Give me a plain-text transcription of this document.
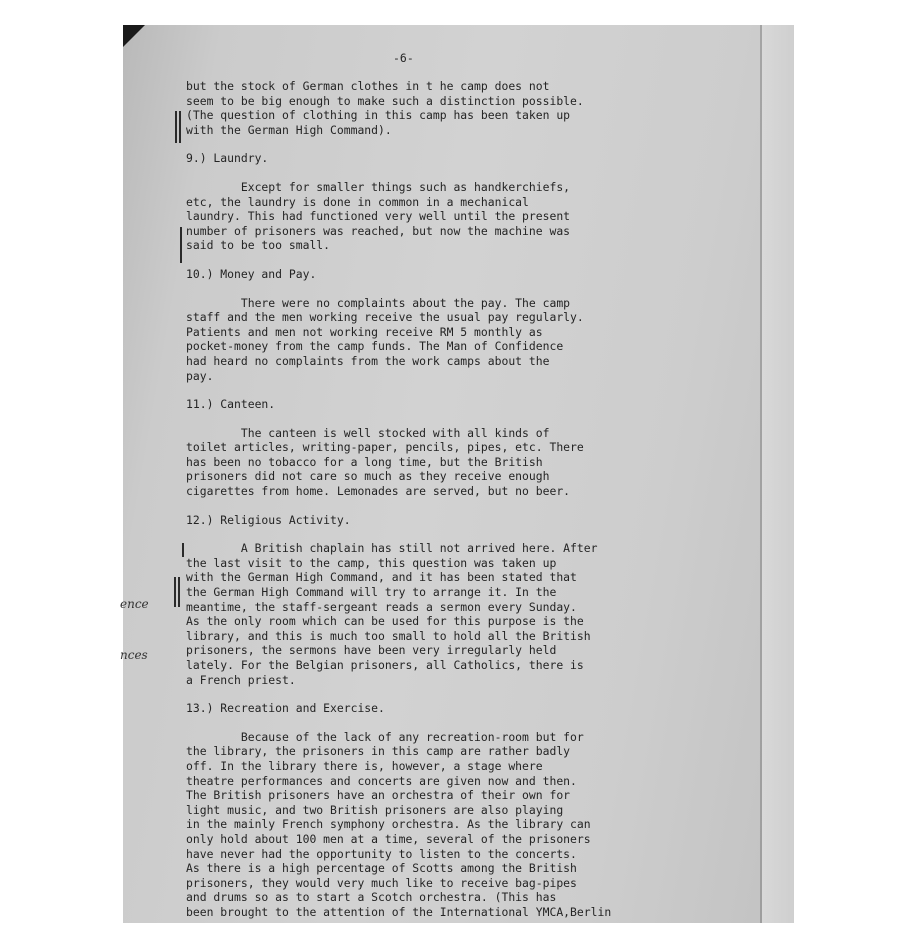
-6-

but the stock of German clothes in t he camp does not
seem to be big enough to make such a distinction possible.
(The question of clothing in this camp has been taken up
with the German High Command).
9.) Laundry.
Except for smaller things such as handkerchiefs,
etc, the laundry is done in common in a mechanical
laundry. This had functioned very well until the present
number of prisoners was reached, but now the machine was
said to be too small.
10.) Money and Pay.
There were no complaints about the pay. The camp
staff and the men working receive the usual pay regularly.
Patients and men not working receive RM 5 monthly as
pocket-money from the camp funds. The Man of Confidence
had heard no complaints from the work camps about the
pay.
11.) Canteen.
The canteen is well stocked with all kinds of
toilet articles, writing-paper, pencils, pipes, etc. There
has been no tobacco for a long time, but the British
prisoners did not care so much as they receive enough
cigarettes from home. Lemonades are served, but no beer.
12.) Religious Activity.
A British chaplain has still not arrived here. After
the last visit to the camp, this question was taken up
with the German High Command, and it has been stated that
the German High Command will try to arrange it. In the
meantime, the staff-sergeant reads a sermon every Sunday.
As the only room which can be used for this purpose is the
library, and this is much too small to hold all the British
prisoners, the sermons have been very irregularly held
lately. For the Belgian prisoners, all Catholics, there is
a French priest.
13.) Recreation and Exercise.
Because of the lack of any recreation-room but for
the library, the prisoners in this camp are rather badly
off. In the library there is, however, a stage where
theatre performances and concerts are given now and then.
The British prisoners have an orchestra of their own for
light music, and two British prisoners are also playing
in the mainly French symphony orchestra. As the library can
only hold about 100 men at a time, several of the prisoners
have never had the opportunity to listen to the concerts.
As there is a high percentage of Scotts among the British
prisoners, they would very much like to receive bag-pipes
and drums so as to start a Scotch orchestra. (This has
been brought to the attention of the International YMCA,Berlin
ence
nces
